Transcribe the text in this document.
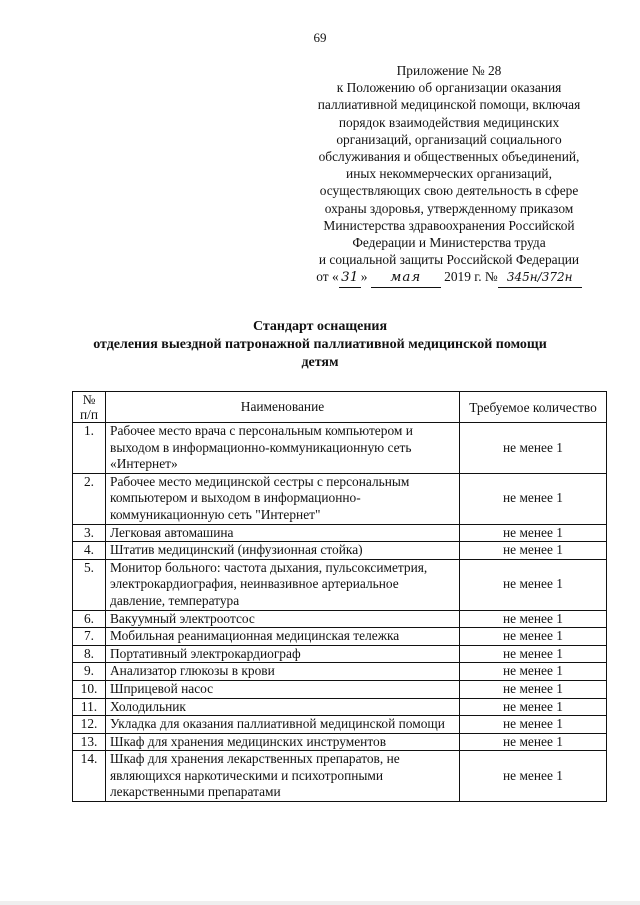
69
Приложение № 28
к Положению об организации оказания
паллиативной медицинской помощи, включая
порядок взаимодействия медицинских
организаций, организаций социального
обслуживания и общественных объединений,
иных некоммерческих организаций,
осуществляющих свою деятельность в сфере
охраны здоровья, утвержденному приказом
Министерства здравоохранения Российской
Федерации и Министерства труда
и социальной защиты Российской Федерации
от « 31 » мая 2019 г. № 345н/372н
Стандарт оснащения
отделения выездной патронажной паллиативной медицинской помощи
детям
№ п/п	Наименование	Требуемое количество
1.	Рабочее место врача с персональным компьютером и выходом в информационно-коммуникационную сеть «Интернет»	не менее 1
2.	Рабочее место медицинской сестры с персональным компьютером и выходом в информационно-коммуникационную сеть "Интернет"	не менее 1
3.	Легковая автомашина	не менее 1
4.	Штатив медицинский (инфузионная стойка)	не менее 1
5.	Монитор больного: частота дыхания, пульсоксиметрия, электрокардиография, неинвазивное артериальное давление, температура	не менее 1
6.	Вакуумный электроотсос	не менее 1
7.	Мобильная реанимационная медицинская тележка	не менее 1
8.	Портативный электрокардиограф	не менее 1
9.	Анализатор глюкозы в крови	не менее 1
10.	Шприцевой насос	не менее 1
11.	Холодильник	не менее 1
12.	Укладка для оказания паллиативной медицинской помощи	не менее 1
13.	Шкаф для хранения медицинских инструментов	не менее 1
14.	Шкаф для хранения лекарственных препаратов, не являющихся наркотическими и психотропными лекарственными препаратами	не менее 1
